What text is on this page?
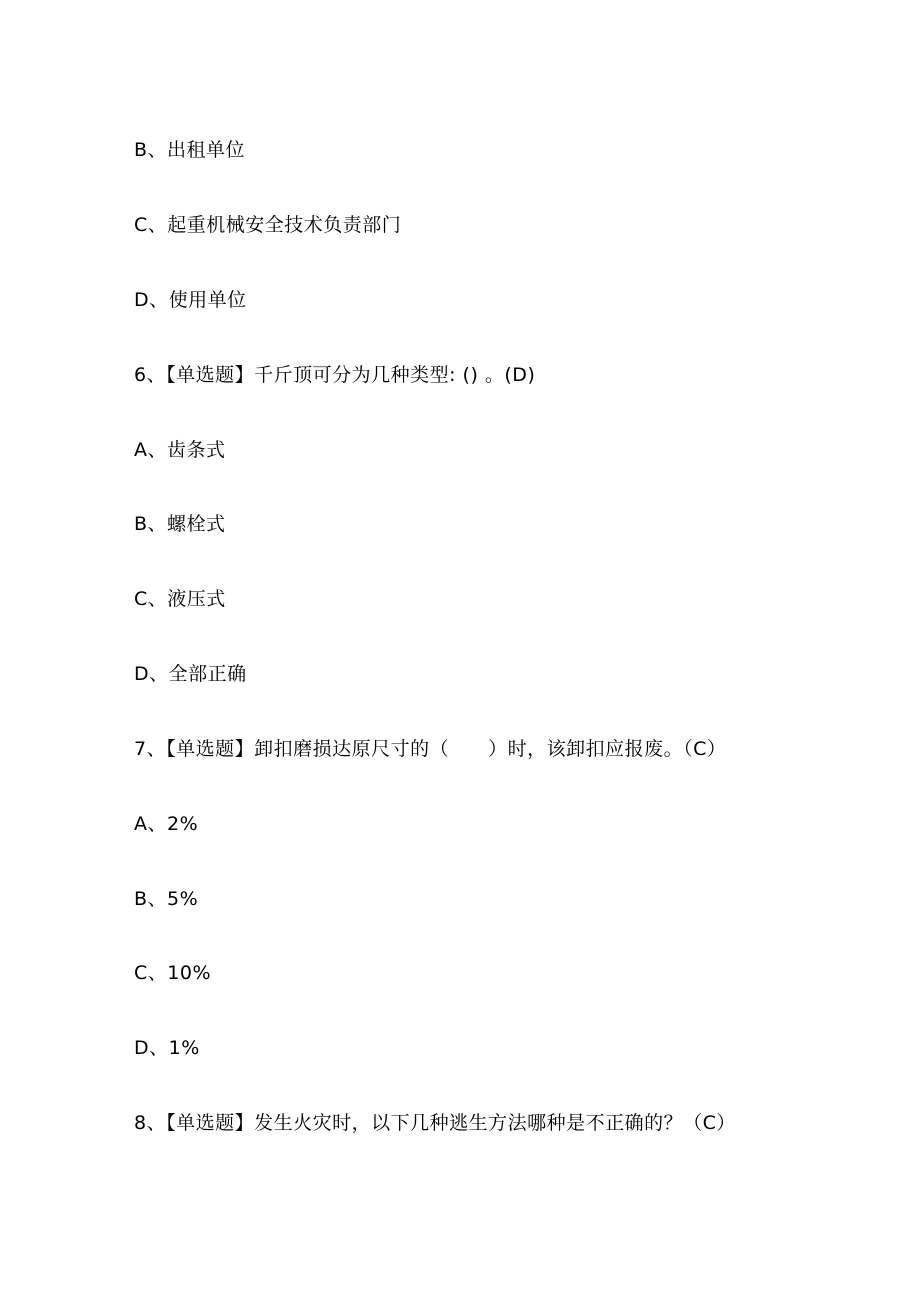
B、出租单位
C、起重机械安全技术负责部门
D、使用单位
6、【单选题】千斤顶可分为几种类型: () 。(D)
A、齿条式
B、螺栓式
C、液压式
D、全部正确
7、【单选题】卸扣磨损达原尺寸的（　　）时，该卸扣应报废。（C）
A、2%
B、5%
C、10%
D、1%
8、【单选题】发生火灾时，以下几种逃生方法哪种是不正确的？（C）
